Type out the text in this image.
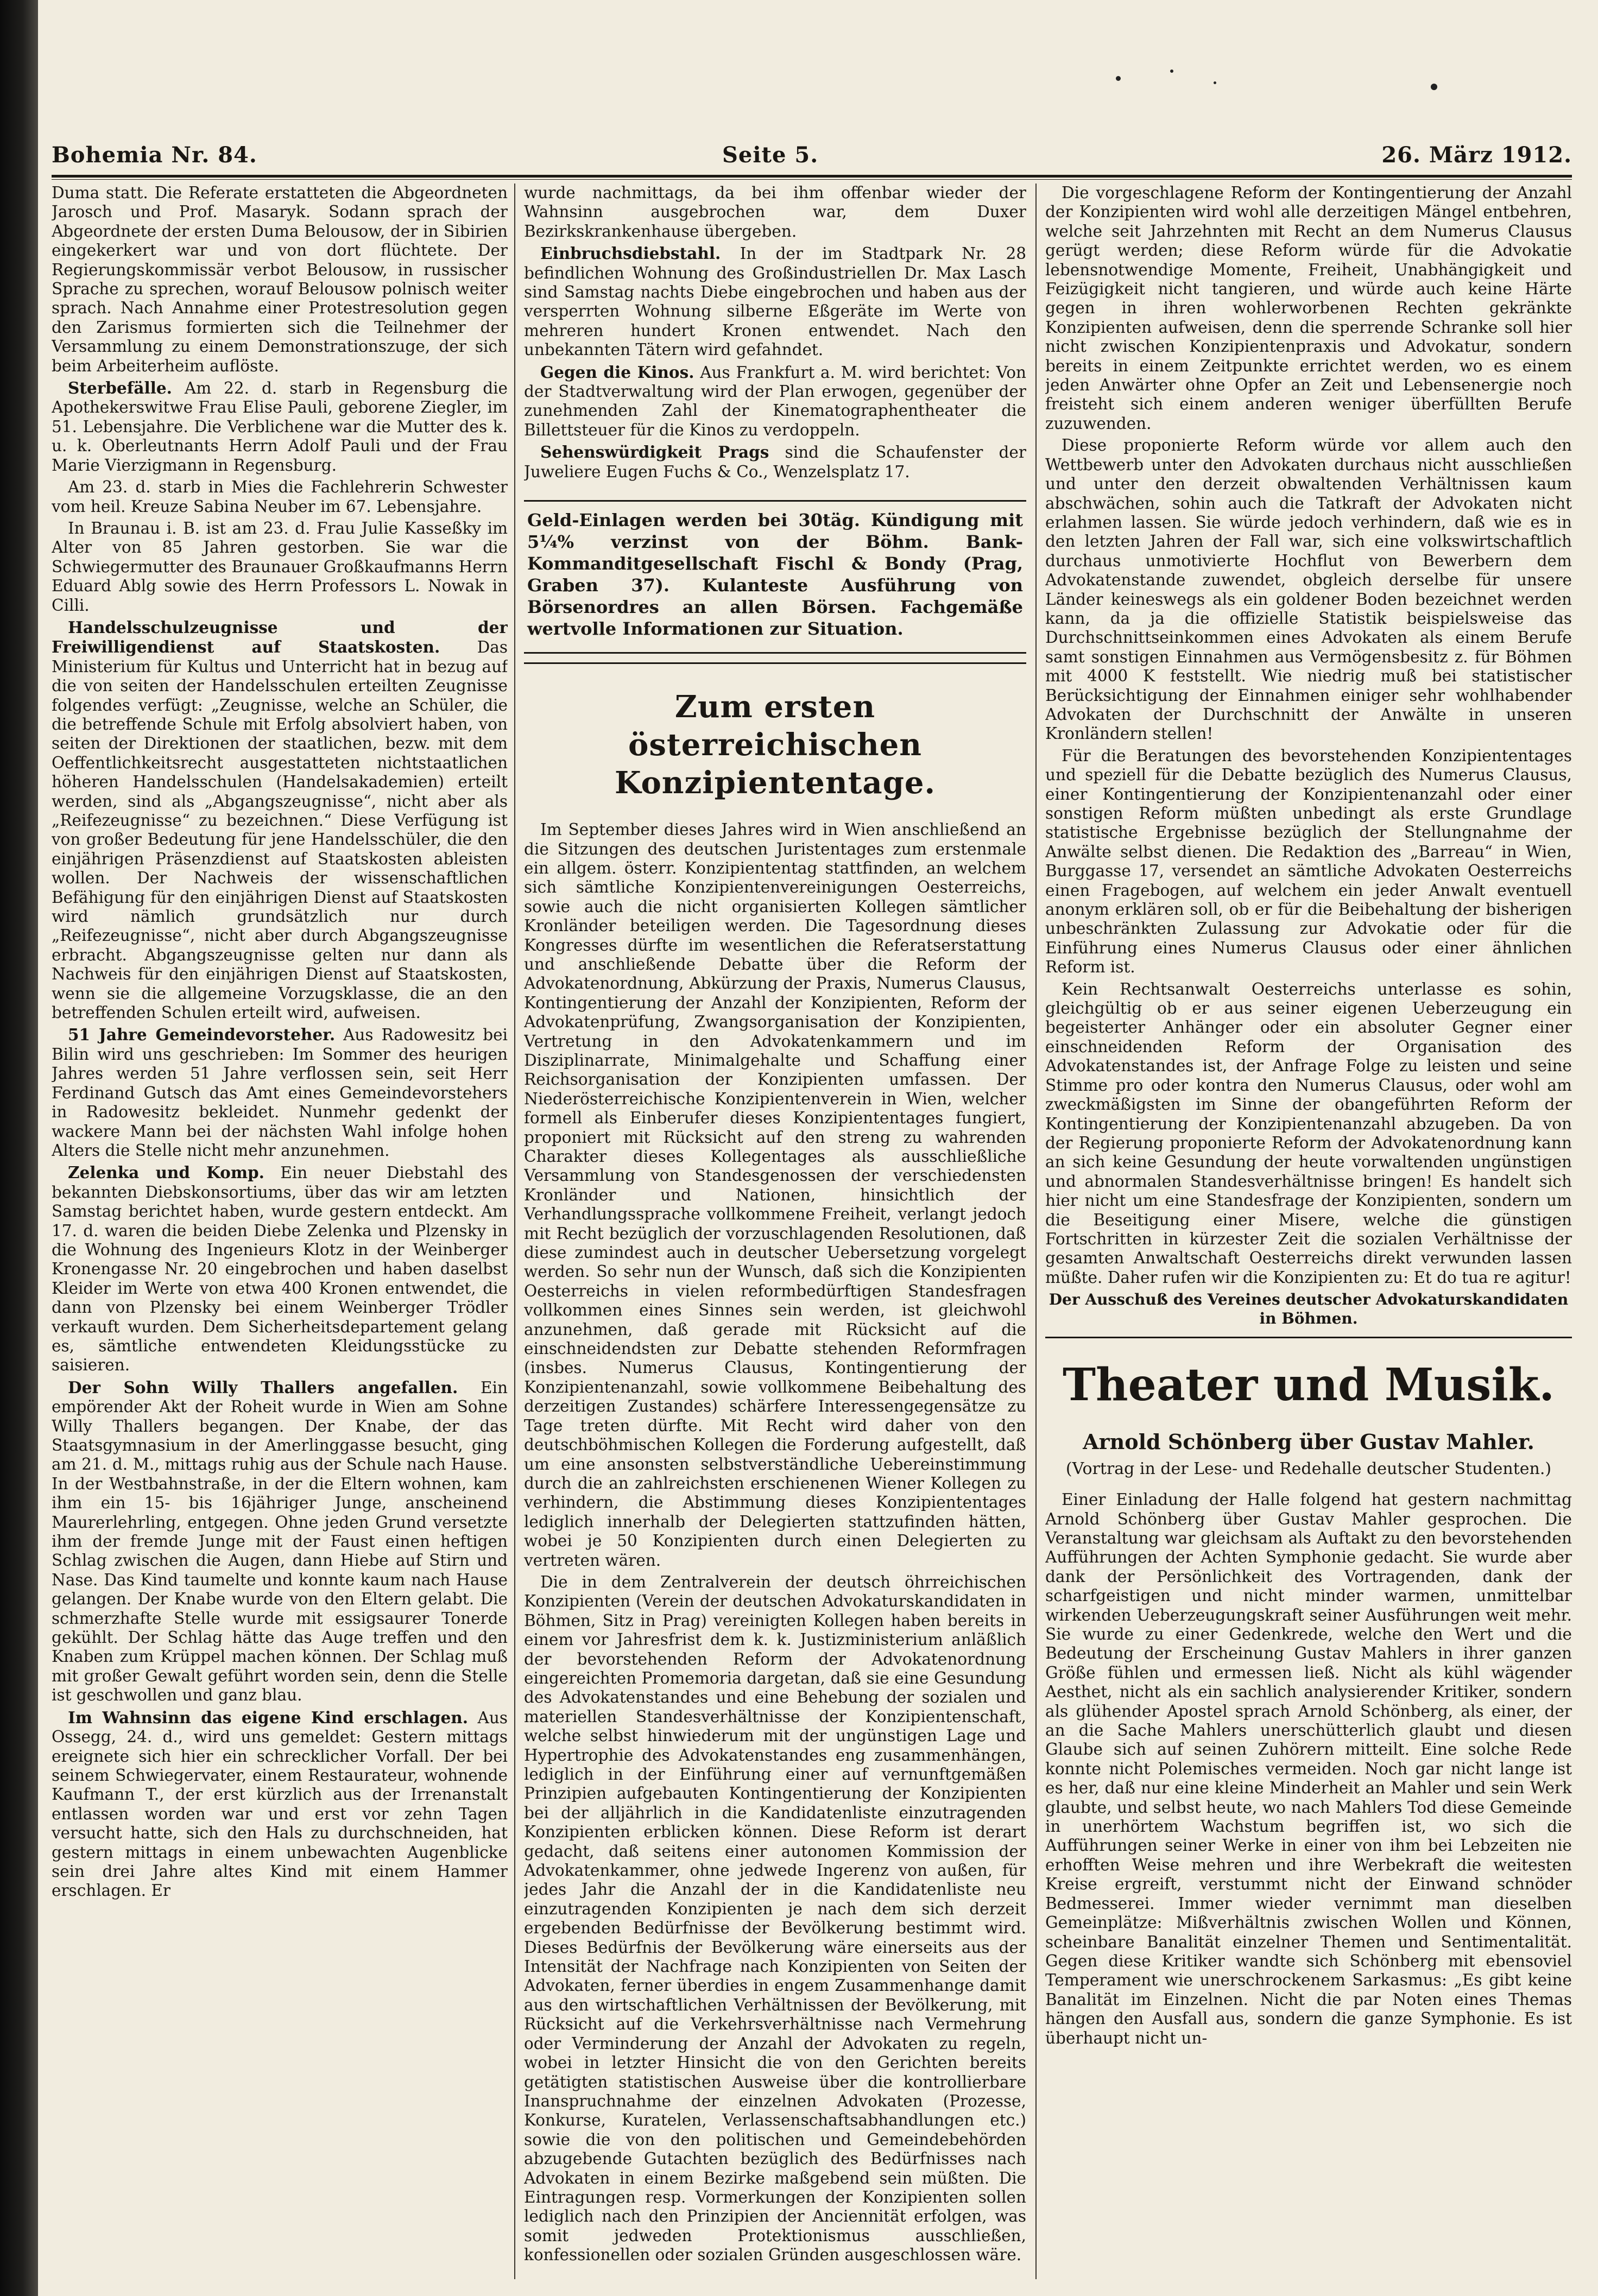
Bohemia Nr. 84.	Seite 5.	26. März 1912.

Duma statt. Die Referate erstatteten die Abgeordneten Jarosch und Prof. Masaryk. Sodann sprach der Abgeordnete der ersten Duma Belousow, der in Sibirien eingekerkert war und von dort flüchtete. Der Regierungskommissär verbot Belousow, in russischer Sprache zu sprechen, worauf Belousow polnisch weiter sprach. Nach Annahme einer Protestresolution gegen den Zarismus formierten sich die Teilnehmer der Versammlung zu einem Demonstrationszuge, der sich beim Arbeiterheim auflöste.

Sterbefälle. Am 22. d. starb in Regensburg die Apothekerswitwe Frau Elise Pauli, geborene Ziegler, im 51. Lebensjahre. Die Verblichene war die Mutter des k. u. k. Oberleutnants Herrn Adolf Pauli und der Frau Marie Vierzigmann in Regensburg.

Am 23. d. starb in Mies die Fachlehrerin Schwester vom heil. Kreuze Sabina Neuber im 67. Lebensjahre.

In Braunau i. B. ist am 23. d. Frau Julie Kasseßky im Alter von 85 Jahren gestorben. Sie war die Schwiegermutter des Braunauer Großkaufmanns Herrn Eduard Ablg sowie des Herrn Professors L. Nowak in Cilli.

Handelsschulzeugnisse und der Freiwilligendienst auf Staatskosten. Das Ministerium für Kultus und Unterricht hat in bezug auf die von seiten der Handelsschulen erteilten Zeugnisse folgendes verfügt: „Zeugnisse, welche an Schüler, die die betreffende Schule mit Erfolg absolviert haben, von seiten der Direktionen der staatlichen, bezw. mit dem Oeffentlichkeitsrecht ausgestatteten nichtstaatlichen höheren Handelsschulen (Handelsakademien) erteilt werden, sind als „Abgangszeugnisse“, nicht aber als „Reifezeugnisse“ zu bezeichnen.“ Diese Verfügung ist von großer Bedeutung für jene Handelsschüler, die den einjährigen Präsenzdienst auf Staatskosten ableisten wollen. Der Nachweis der wissenschaftlichen Befähigung für den einjährigen Dienst auf Staatskosten wird nämlich grundsätzlich nur durch „Reifezeugnisse“, nicht aber durch Abgangszeugnisse erbracht. Abgangszeugnisse gelten nur dann als Nachweis für den einjährigen Dienst auf Staatskosten, wenn sie die allgemeine Vorzugsklasse, die an den betreffenden Schulen erteilt wird, aufweisen.

51 Jahre Gemeindevorsteher. Aus Radowesitz bei Bilin wird uns geschrieben: Im Sommer des heurigen Jahres werden 51 Jahre verflossen sein, seit Herr Ferdinand Gutsch das Amt eines Gemeindevorstehers in Radowesitz bekleidet. Nunmehr gedenkt der wackere Mann bei der nächsten Wahl infolge hohen Alters die Stelle nicht mehr anzunehmen.

Zelenka und Komp. Ein neuer Diebstahl des bekannten Diebskonsortiums, über das wir am letzten Samstag berichtet haben, wurde gestern entdeckt. Am 17. d. waren die beiden Diebe Zelenka und Plzensky in die Wohnung des Ingenieurs Klotz in der Weinberger Kronengasse Nr. 20 eingebrochen und haben daselbst Kleider im Werte von etwa 400 Kronen entwendet, die dann von Plzensky bei einem Weinberger Trödler verkauft wurden. Dem Sicherheitsdepartement gelang es, sämtliche entwendeten Kleidungsstücke zu saisieren.

Der Sohn Willy Thallers angefallen. Ein empörender Akt der Roheit wurde in Wien am Sohne Willy Thallers begangen. Der Knabe, der das Staatsgymnasium in der Amerlinggasse besucht, ging am 21. d. M., mittags ruhig aus der Schule nach Hause. In der Westbahnstraße, in der die Eltern wohnen, kam ihm ein 15- bis 16jähriger Junge, anscheinend Maurerlehrling, entgegen. Ohne jeden Grund versetzte ihm der fremde Junge mit der Faust einen heftigen Schlag zwischen die Augen, dann Hiebe auf Stirn und Nase. Das Kind taumelte und konnte kaum nach Hause gelangen. Der Knabe wurde von den Eltern gelabt. Die schmerzhafte Stelle wurde mit essigsaurer Tonerde gekühlt. Der Schlag hätte das Auge treffen und den Knaben zum Krüppel machen können. Der Schlag muß mit großer Gewalt geführt worden sein, denn die Stelle ist geschwollen und ganz blau.

Im Wahnsinn das eigene Kind erschlagen. Aus Ossegg, 24. d., wird uns gemeldet: Gestern mittags ereignete sich hier ein schrecklicher Vorfall. Der bei seinem Schwiegervater, einem Restaurateur, wohnende Kaufmann T., der erst kürzlich aus der Irrenanstalt entlassen worden war und erst vor zehn Tagen versucht hatte, sich den Hals zu durchschneiden, hat gestern mittags in einem unbewachten Augenblicke sein drei Jahre altes Kind mit einem Hammer erschlagen. Er

wurde nachmittags, da bei ihm offenbar wieder der Wahnsinn ausgebrochen war, dem Duxer Bezirkskrankenhause übergeben.

Einbruchsdiebstahl. In der im Stadtpark Nr. 28 befindlichen Wohnung des Großindustriellen Dr. Max Lasch sind Samstag nachts Diebe eingebrochen und haben aus der versperrten Wohnung silberne Eßgeräte im Werte von mehreren hundert Kronen entwendet. Nach den unbekannten Tätern wird gefahndet.

Gegen die Kinos. Aus Frankfurt a. M. wird berichtet: Von der Stadtverwaltung wird der Plan erwogen, gegenüber der zunehmenden Zahl der Kinematographentheater die Billettsteuer für die Kinos zu verdoppeln.

Sehenswürdigkeit Prags sind die Schaufenster der Juweliere Eugen Fuchs & Co., Wenzelsplatz 17.

Geld-Einlagen werden bei 30täg. Kündigung mit 5¼% verzinst von der Böhm. Bank-Kommanditgesellschaft Fischl & Bondy (Prag, Graben 37). Kulanteste Ausführung von Börsenordres an allen Börsen. Fachgemäße wertvolle Informationen zur Situation.

Zum ersten österreichischen Konzipiententage.

Im September dieses Jahres wird in Wien anschließend an die Sitzungen des deutschen Juristentages zum erstenmale ein allgem. österr. Konzipiententag stattfinden, an welchem sich sämtliche Konzipientenvereinigungen Oesterreichs, sowie auch die nicht organisierten Kollegen sämtlicher Kronländer beteiligen werden. Die Tagesordnung dieses Kongresses dürfte im wesentlichen die Referatserstattung und anschließende Debatte über die Reform der Advokatenordnung, Abkürzung der Praxis, Numerus Clausus, Kontingentierung der Anzahl der Konzipienten, Reform der Advokatenprüfung, Zwangsorganisation der Konzipienten, Vertretung in den Advokatenkammern und im Disziplinarrate, Minimalgehalte und Schaffung einer Reichsorganisation der Konzipienten umfassen. Der Niederösterreichische Konzipientenverein in Wien, welcher formell als Einberufer dieses Konzipiententages fungiert, proponiert mit Rücksicht auf den streng zu wahrenden Charakter dieses Kollegentages als ausschließliche Versammlung von Standesgenossen der verschiedensten Kronländer und Nationen, hinsichtlich der Verhandlungssprache vollkommene Freiheit, verlangt jedoch mit Recht bezüglich der vorzuschlagenden Resolutionen, daß diese zumindest auch in deutscher Uebersetzung vorgelegt werden. So sehr nun der Wunsch, daß sich die Konzipienten Oesterreichs in vielen reformbedürftigen Standesfragen vollkommen eines Sinnes sein werden, ist gleichwohl anzunehmen, daß gerade mit Rücksicht auf die einschneidendsten zur Debatte stehenden Reformfragen (insbes. Numerus Clausus, Kontingentierung der Konzipientenanzahl, sowie vollkommene Beibehaltung des derzeitigen Zustandes) schärfere Interessengegensätze zu Tage treten dürfte. Mit Recht wird daher von den deutschböhmischen Kollegen die Forderung aufgestellt, daß um eine ansonsten selbstverständliche Uebereinstimmung durch die an zahlreichsten erschienenen Wiener Kollegen zu verhindern, die Abstimmung dieses Konzipiententages lediglich innerhalb der Delegierten stattzufinden hätten, wobei je 50 Konzipienten durch einen Delegierten zu vertreten wären.

Die in dem Zentralverein der deutsch öhrreichischen Konzipienten (Verein der deutschen Advokaturskandidaten in Böhmen, Sitz in Prag) vereinigten Kollegen haben bereits in einem vor Jahresfrist dem k. k. Justizministerium anläßlich der bevorstehenden Reform der Advokatenordnung eingereichten Promemoria dargetan, daß sie eine Gesundung des Advokatenstandes und eine Behebung der sozialen und materiellen Standesverhältnisse der Konzipientenschaft, welche selbst hinwiederum mit der ungünstigen Lage und Hypertrophie des Advokatenstandes eng zusammenhängen, lediglich in der Einführung einer auf vernunftgemäßen Prinzipien aufgebauten Kontingentierung der Konzipienten bei der alljährlich in die Kandidatenliste einzutragenden Konzipienten erblicken können. Diese Reform ist derart gedacht, daß seitens einer autonomen Kommission der Advokatenkammer, ohne jedwede Ingerenz von außen, für jedes Jahr die Anzahl der in die Kandidatenliste neu einzutragenden Konzipienten je nach dem sich derzeit ergebenden Bedürfnisse der Bevölkerung bestimmt wird. Dieses Bedürfnis der Bevölkerung wäre einerseits aus der Intensität der Nachfrage nach Konzipienten von Seiten der Advokaten, ferner überdies in engem Zusammenhange damit aus den wirtschaftlichen Verhältnissen der Bevölkerung, mit Rücksicht auf die Verkehrsverhältnisse nach Vermehrung oder Verminderung der Anzahl der Advokaten zu regeln, wobei in letzter Hinsicht die von den Gerichten bereits getätigten statistischen Ausweise über die kontrollierbare Inanspruchnahme der einzelnen Advokaten (Prozesse, Konkurse, Kuratelen, Verlassenschaftsabhandlungen etc.) sowie die von den politischen und Gemeindebehörden abzugebende Gutachten bezüglich des Bedürfnisses nach Advokaten in einem Bezirke maßgebend sein müßten. Die Eintragungen resp. Vormerkungen der Konzipienten sollen lediglich nach den Prinzipien der Anciennität erfolgen, was somit jedweden Protektionismus ausschließen, konfessionellen oder sozialen Gründen ausgeschlossen wäre.

Die vorgeschlagene Reform der Kontingentierung der Anzahl der Konzipienten wird wohl alle derzeitigen Mängel entbehren, welche seit Jahrzehnten mit Recht an dem Numerus Clausus gerügt werden; diese Reform würde für die Advokatie lebensnotwendige Momente, Freiheit, Unabhängigkeit und Feizügigkeit nicht tangieren, und würde auch keine Härte gegen in ihren wohlerworbenen Rechten gekränkte Konzipienten aufweisen, denn die sperrende Schranke soll hier nicht zwischen Konzipientenpraxis und Advokatur, sondern bereits in einem Zeitpunkte errichtet werden, wo es einem jeden Anwärter ohne Opfer an Zeit und Lebensenergie noch freisteht sich einem anderen weniger überfüllten Berufe zuzuwenden.

Diese proponierte Reform würde vor allem auch den Wettbewerb unter den Advokaten durchaus nicht ausschließen und unter den derzeit obwaltenden Verhältnissen kaum abschwächen, sohin auch die Tatkraft der Advokaten nicht erlahmen lassen. Sie würde jedoch verhindern, daß wie es in den letzten Jahren der Fall war, sich eine volkswirtschaftlich durchaus unmotivierte Hochflut von Bewerbern dem Advokatenstande zuwendet, obgleich derselbe für unsere Länder keineswegs als ein goldener Boden bezeichnet werden kann, da ja die offizielle Statistik beispielsweise das Durchschnittseinkommen eines Advokaten als einem Berufe samt sonstigen Einnahmen aus Vermögensbesitz z. für Böhmen mit 4000 K feststellt. Wie niedrig muß bei statistischer Berücksichtigung der Einnahmen einiger sehr wohlhabender Advokaten der Durchschnitt der Anwälte in unseren Kronländern stellen!

Für die Beratungen des bevorstehenden Konzipiententages und speziell für die Debatte bezüglich des Numerus Clausus, einer Kontingentierung der Konzipientenanzahl oder einer sonstigen Reform müßten unbedingt als erste Grundlage statistische Ergebnisse bezüglich der Stellungnahme der Anwälte selbst dienen. Die Redaktion des „Barreau“ in Wien, Burggasse 17, versendet an sämtliche Advokaten Oesterreichs einen Fragebogen, auf welchem ein jeder Anwalt eventuell anonym erklären soll, ob er für die Beibehaltung der bisherigen unbeschränkten Zulassung zur Advokatie oder für die Einführung eines Numerus Clausus oder einer ähnlichen Reform ist.

Kein Rechtsanwalt Oesterreichs unterlasse es sohin, gleichgültig ob er aus seiner eigenen Ueberzeugung ein begeisterter Anhänger oder ein absoluter Gegner einer einschneidenden Reform der Organisation des Advokatenstandes ist, der Anfrage Folge zu leisten und seine Stimme pro oder kontra den Numerus Clausus, oder wohl am zweckmäßigsten im Sinne der obangeführten Reform der Kontingentierung der Konzipientenanzahl abzugeben. Da von der Regierung proponierte Reform der Advokatenordnung kann an sich keine Gesundung der heute vorwaltenden ungünstigen und abnormalen Standesverhältnisse bringen! Es handelt sich hier nicht um eine Standesfrage der Konzipienten, sondern um die Beseitigung einer Misere, welche die günstigen Fortschritten in kürzester Zeit die sozialen Verhältnisse der gesamten Anwaltschaft Oesterreichs direkt verwunden lassen müßte. Daher rufen wir die Konzipienten zu: Et do tua re agitur!

Der Ausschuß des Vereines deutscher Advokaturskandidaten in Böhmen.
Theater und Musik.
Arnold Schönberg über Gustav Mahler.
(Vortrag in der Lese- und Redehalle deutscher Studenten.)

Einer Einladung der Halle folgend hat gestern nachmittag Arnold Schönberg über Gustav Mahler gesprochen. Die Veranstaltung war gleichsam als Auftakt zu den bevorstehenden Aufführungen der Achten Symphonie gedacht. Sie wurde aber dank der Persönlichkeit des Vortragenden, dank der scharfgeistigen und nicht minder warmen, unmittelbar wirkenden Ueberzeugungskraft seiner Ausführungen weit mehr. Sie wurde zu einer Gedenkrede, welche den Wert und die Bedeutung der Erscheinung Gustav Mahlers in ihrer ganzen Größe fühlen und ermessen ließ. Nicht als kühl wägender Aesthet, nicht als ein sachlich analysierender Kritiker, sondern als glühender Apostel sprach Arnold Schönberg, als einer, der an die Sache Mahlers unerschütterlich glaubt und diesen Glaube sich auf seinen Zuhörern mitteilt. Eine solche Rede konnte nicht Polemisches vermeiden. Noch gar nicht lange ist es her, daß nur eine kleine Minderheit an Mahler und sein Werk glaubte, und selbst heute, wo nach Mahlers Tod diese Gemeinde in unerhörtem Wachstum begriffen ist, wo sich die Aufführungen seiner Werke in einer von ihm bei Lebzeiten nie erhofften Weise mehren und ihre Werbekraft die weitesten Kreise ergreift, verstummt nicht der Einwand schnöder Bedmesserei. Immer wieder vernimmt man dieselben Gemeinplätze: Mißverhältnis zwischen Wollen und Können, scheinbare Banalität einzelner Themen und Sentimentalität. Gegen diese Kritiker wandte sich Schönberg mit ebensoviel Temperament wie unerschrockenem Sarkasmus: „Es gibt keine Banalität im Einzelnen. Nicht die par Noten eines Themas hängen den Ausfall aus, sondern die ganze Symphonie. Es ist überhaupt nicht un-
